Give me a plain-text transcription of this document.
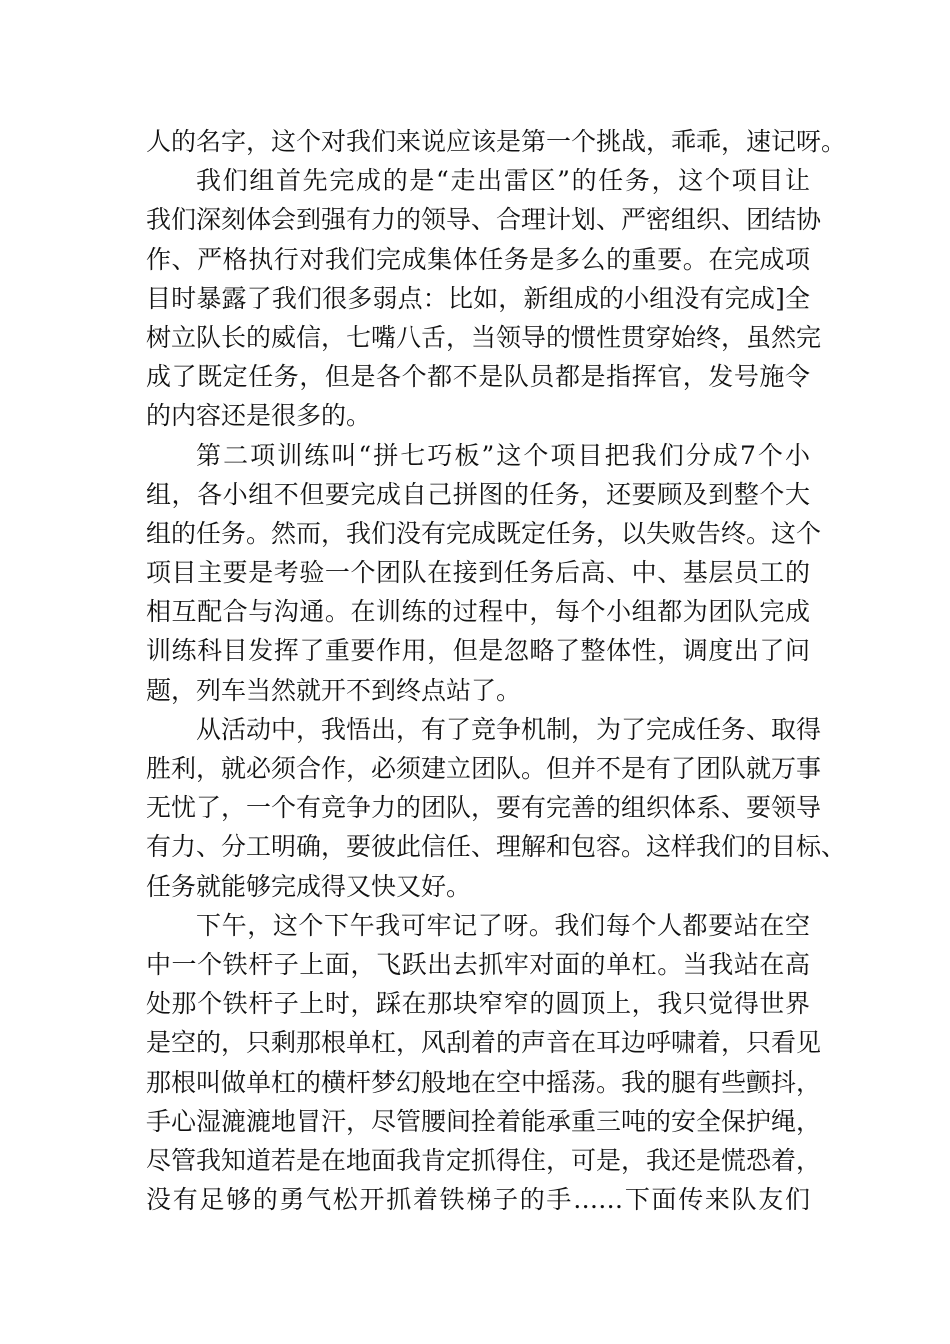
人的名字，这个对我们来说应该是第一个挑战，乖乖，速记呀。
我们组首先完成的是“走出雷区”的任务，这个项目让
我们深刻体会到强有力的领导、合理计划、严密组织、团结协
作、严格执行对我们完成集体任务是多么的重要。在完成项
目时暴露了我们很多弱点：比如，新组成的小组没有完成]全
树立队长的威信，七嘴八舌，当领导的惯性贯穿始终，虽然完
成了既定任务，但是各个都不是队员都是指挥官，发号施令
的内容还是很多的。
第二项训练叫“拼七巧板”这个项目把我们分成7个小
组，各小组不但要完成自己拼图的任务，还要顾及到整个大
组的任务。然而，我们没有完成既定任务，以失败告终。这个
项目主要是考验一个团队在接到任务后高、中、基层员工的
相互配合与沟通。在训练的过程中，每个小组都为团队完成
训练科目发挥了重要作用，但是忽略了整体性，调度出了问
题，列车当然就开不到终点站了。
从活动中，我悟出，有了竞争机制，为了完成任务、取得
胜利，就必须合作，必须建立团队。但并不是有了团队就万事
无忧了，一个有竞争力的团队，要有完善的组织体系、要领导
有力、分工明确，要彼此信任、理解和包容。这样我们的目标、
任务就能够完成得又快又好。
下午，这个下午我可牢记了呀。我们每个人都要站在空
中一个铁杆子上面，飞跃出去抓牢对面的单杠。当我站在高
处那个铁杆子上时，踩在那块窄窄的圆顶上，我只觉得世界
是空的，只剩那根单杠，风刮着的声音在耳边呼啸着，只看见
那根叫做单杠的横杆梦幻般地在空中摇荡。我的腿有些颤抖，
手心湿漉漉地冒汗，尽管腰间拴着能承重三吨的安全保护绳，
尽管我知道若是在地面我肯定抓得住，可是，我还是慌恐着，
没有足够的勇气松开抓着铁梯子的手……下面传来队友们
